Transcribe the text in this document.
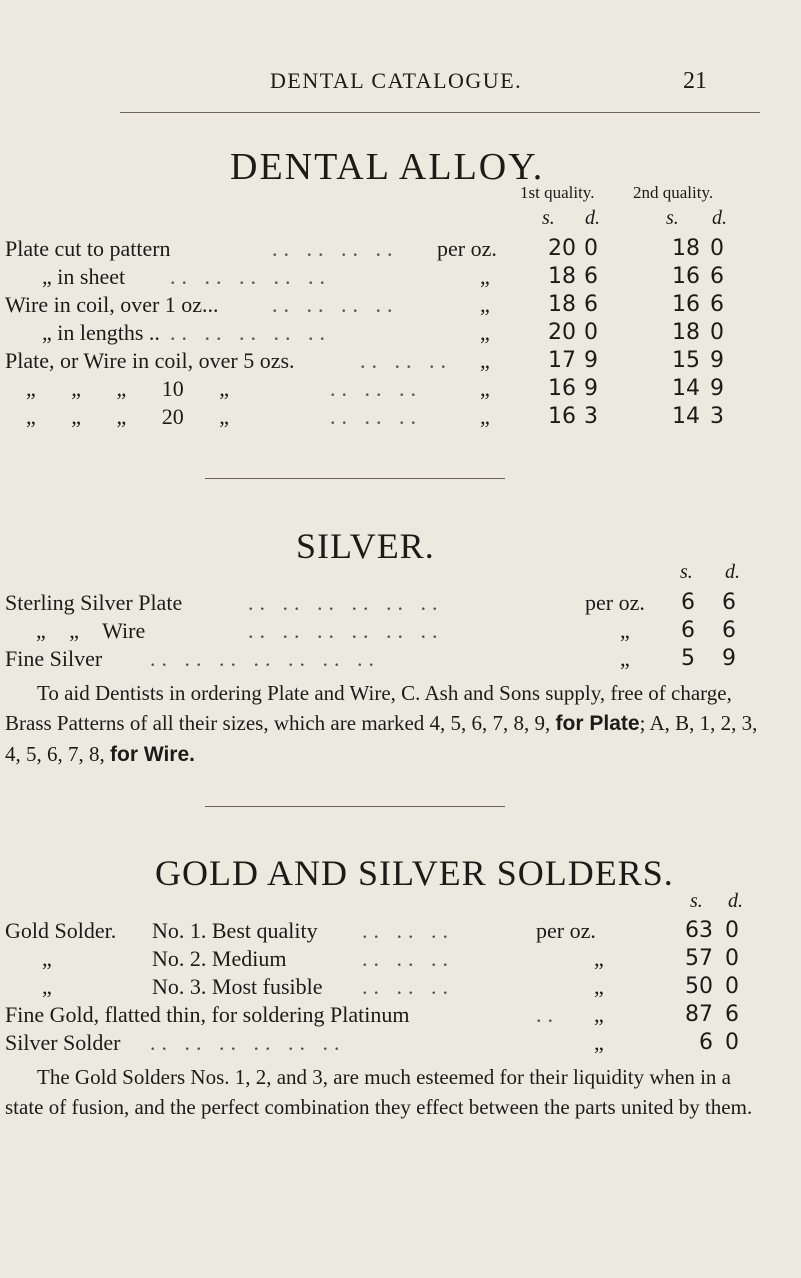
DENTAL CATALOGUE.	21
DENTAL ALLOY.
1st quality. 2nd quality.
s. d.	s. d.
Plate cut to pattern	.. .. .. .. per oz.	20 0	18 0
„ in sheet .. .. .. .. ..	„	18 6	16 6
Wire in coil, over 1 oz... .. .. .. ..	„	18 6	16 6
„ in lengths .. .. .. .. .. ..	„	20 0	18 0
Plate, or Wire in coil, over 5 ozs.	.. .. .. „	17 9	15 9
„ „ „ 10 „	.. .. ..	„	16 9	14 9
„ „ „ 20 „	.. .. ..	„	16 3	14 3
SILVER.
s. d.
Sterling Silver Plate	.. .. .. .. .. ..	per oz.	6 6
„ „ Wire	.. .. .. .. .. ..	„	6 6
Fine Silver .. .. .. .. .. .. ..	„	5 9
To aid Dentists in ordering Plate and Wire, C. Ash and Sons supply, free of charge, Brass Patterns of all their sizes, which are marked 4, 5, 6, 7, 8, 9, for Plate; A, B, 1, 2, 3, 4, 5, 6, 7, 8, for Wire.
GOLD AND SILVER SOLDERS.
s. d.
Gold Solder. No. 1. Best quality .. .. ..	per oz.	63 0
„	No. 2. Medium	.. .. ..	„	57 0
„	No. 3. Most fusible .. .. ..	„	50 0
Fine Gold, flatted thin, for soldering Platinum	.. „	87 6
Silver Solder .. .. .. .. .. ..	„	6 0
The Gold Solders Nos. 1, 2, and 3, are much esteemed for their liquidity when in a state of fusion, and the perfect combination they effect between the parts united by them.
